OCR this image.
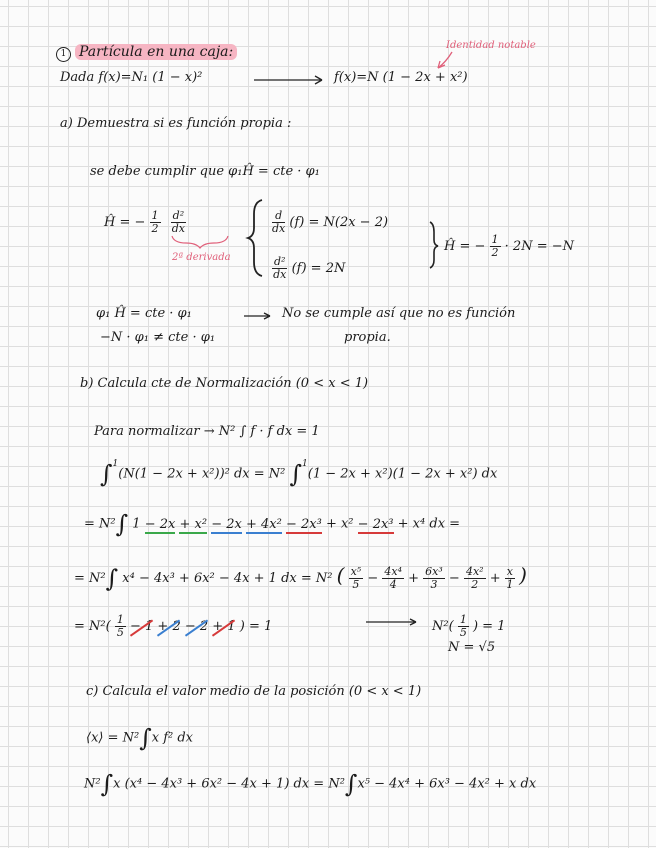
1 Partícula en una caja:	Identidad notable
Dada f(x)=N₁ (1 − x)²	f(x)=N (1 − 2x + x²)
a) Demuestra si es función propia :
se debe cumplir que φ₁Ĥ = cte · φ₁
Ĥ = − $\frac{1}{2}$
$\frac{\text{d²}}{dx}$
2ª derivada
$\frac{d}{dx} (f) = N(2x - 2)$
$\frac{\text{d²}}{dx} (f) = 2N$
Ĥ = − $\frac{1}{2} \cdot 2N = -N$
φ₁ Ĥ = cte · φ₁
−N · φ₁ ≠ cte · φ₁
No se cumple así que no es función
propia.
b) Calcula cte de Normalización (0 < x < 1)
Para normalizar → N² ∫ f · f dx = 1
∫$^1$(N(1 − 2x + x²))² dx = N² ∫$^1$(1 − 2x + x²)(1 − 2x + x²) dx
= N²∫ 1 − 2x + x² − 2x + 4x² − 2x³ + x² − 2x³ + x⁴ dx =
= N²∫ x⁴ − 4x³ + 6x² − 4x + 1 dx = N² ( $\frac{\text{x⁵}}{5} - \frac{\text{4x⁴}}{4} + \frac{\text{6x³}}{3} - \frac{\text{4x²}}{2} + \frac{x}{1}$ )
= $N^2( \frac{1}{5} - 1 + 2 - 2 + 1$ ) = 1	$N^2( \frac{1}{5}$ ) = 1
N = √5
c) Calcula el valor medio de la posición (0 < x < 1)
⟨x⟩ = N²∫x f² dx
N²∫x (x⁴ − 4x³ + 6x² − 4x + 1) dx = N²∫x⁵ − 4x⁴ + 6x³ − 4x² + x dx
